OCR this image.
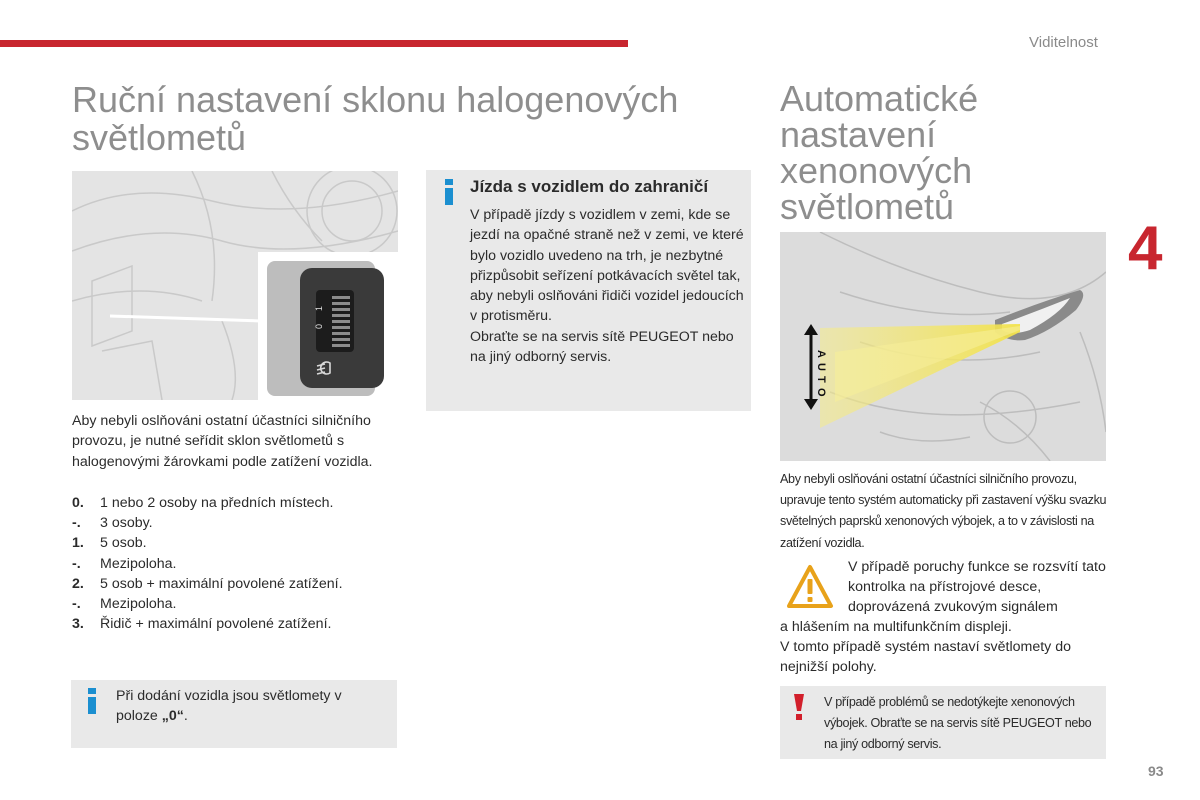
Viditelnost
Ruční nastavení sklonu halogenových
světlometů
Automatické
nastavení
xenonových
světlometů
4
1
0
Aby nebyli oslňováni ostatní účastníci silničního provozu, je nutné seřídit sklon světlometů s halogenovými žárovkami podle zatížení vozidla.
0.	1 nebo 2 osoby na předních místech.
-.	3 osoby.
1.	5 osob.
-.	Mezipoloha.
2.	5 osob + maximální povolené zatížení.
-.	Mezipoloha.
3.	Řidič + maximální povolené zatížení.
Při dodání vozidla jsou světlomety v poloze „0“.
Jízda s vozidlem do zahraničí
V případě jízdy s vozidlem v zemi, kde se jezdí na opačné straně než v zemi, ve které bylo vozidlo uvedeno na trh, je nezbytné přizpůsobit seřízení potkávacích světel tak, aby nebyli oslňováni řidiči vozidel jedoucích v protisměru.
Obraťte se na servis sítě PEUGEOT nebo na jiný odborný servis.	A
U
T
O
Aby nebyli oslňováni ostatní účastníci silničního provozu, upravuje tento systém automaticky při zastavení výšku svazku světelných paprsků xenonových výbojek, a to v závislosti na zatížení vozidla.
V případě poruchy funkce se rozsvítí tato kontrolka na přístrojové desce, doprovázená zvukovým signálem
a hlášením na multifunkčním displeji.
V tomto případě systém nastaví světlomety do nejnižší polohy.
V případě problémů se nedotýkejte xenonových výbojek. Obraťte se na servis sítě PEUGEOT nebo na jiný odborný servis.
93
